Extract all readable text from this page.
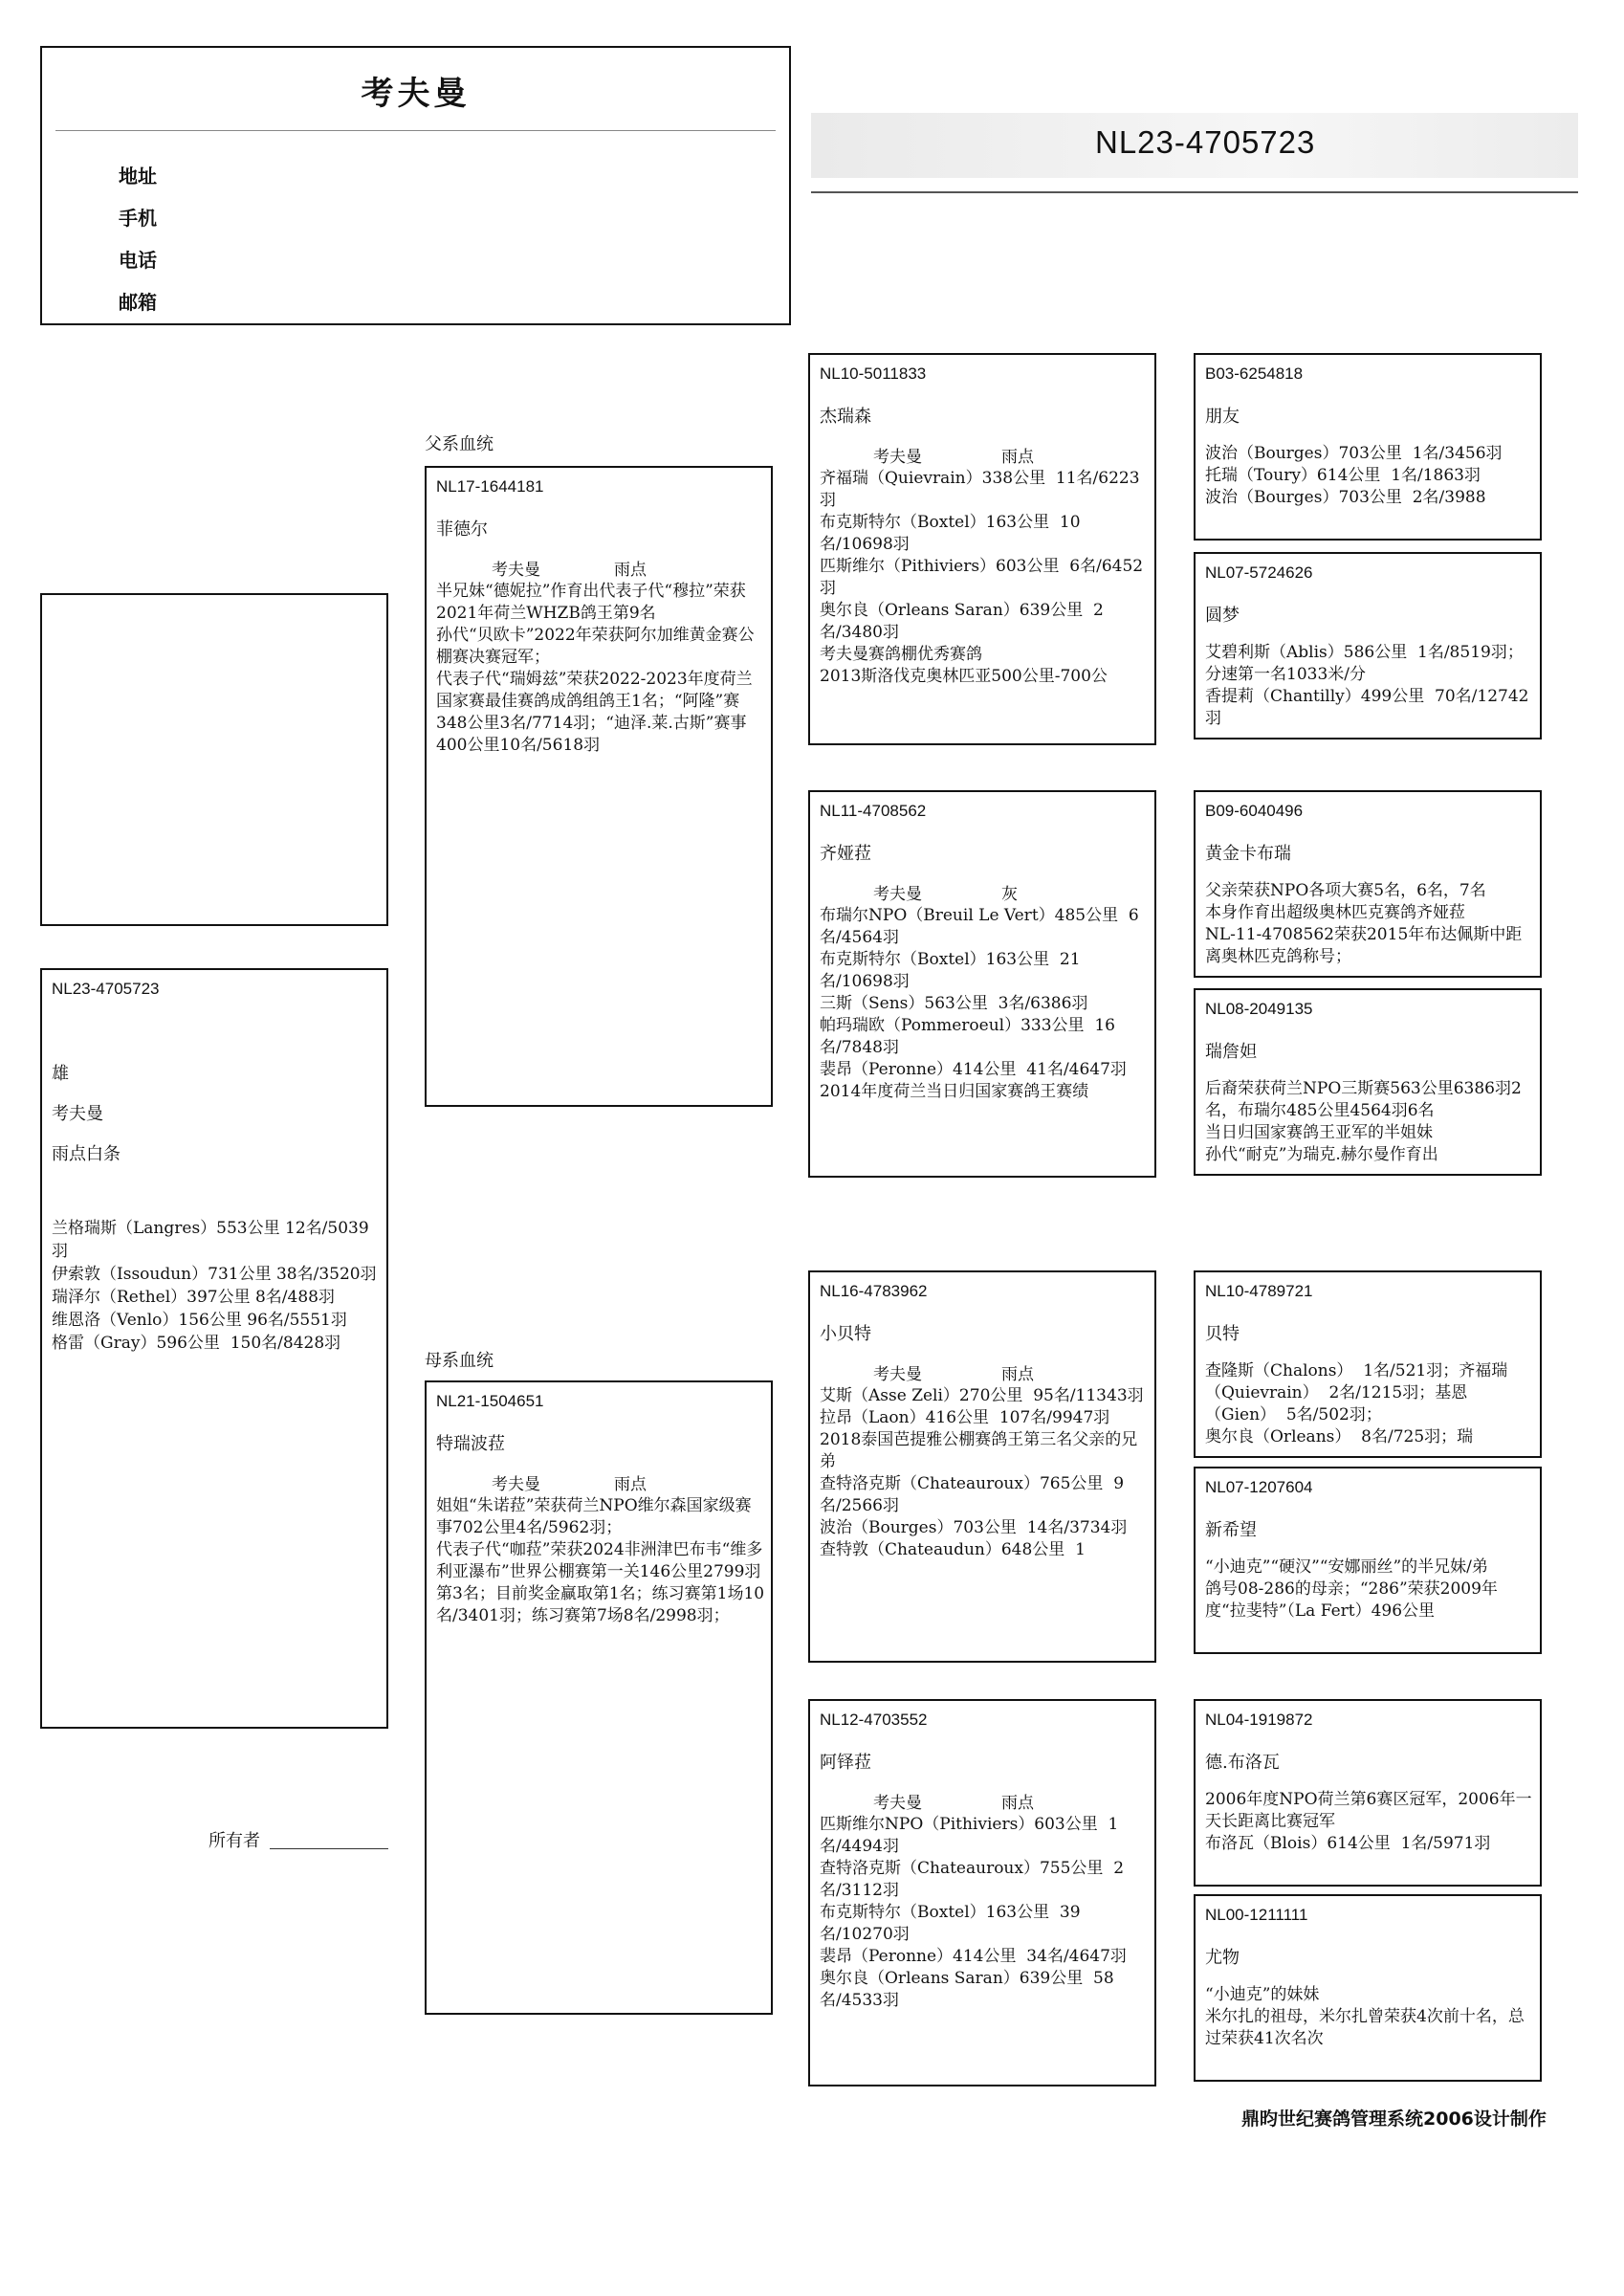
考夫曼
地址
手机
电话
邮箱
NL23-4705723
NL23-4705723
雄
考夫曼
雨点白条
兰格瑞斯（Langres）553公里 12名/5039羽
伊索敦（Issoudun）731公里 38名/3520羽
瑞泽尔（Rethel）397公里 8名/488羽
维恩洛（Venlo）156公里 96名/5551羽
格雷（Gray）596公里  150名/8428羽
父系血统
母系血统
所有者
NL17-1644181
菲德尔
考夫曼	雨点
半兄妹“德妮拉”作育出代表子代“穆拉”荣获2021年荷兰WHZB鸽王第9名
孙代“贝欧卡”2022年荣获阿尔加维黄金赛公棚赛决赛冠军；
代表子代“瑞姆兹”荣获2022-2023年度荷兰国家赛最佳赛鸽成鸽组鸽王1名；“阿隆”赛348公里3名/7714羽；“迪泽.莱.古斯”赛事400公里10名/5618羽
NL21-1504651
特瑞波菈
考夫曼	雨点
姐姐“朱诺菈”荣获荷兰NPO维尔森国家级赛事702公里4名/5962羽；
代表子代“咖菈”荣获2024非洲津巴布韦“维多利亚瀑布”世界公棚赛第一关146公里2799羽第3名；目前奖金赢取第1名；练习赛第1场10名/3401羽；练习赛第7场8名/2998羽；
NL10-5011833
杰瑞森
考夫曼	雨点
齐福瑞（Quievrain）338公里  11名/6223羽
布克斯特尔（Boxtel）163公里  10名/10698羽
匹斯维尔（Pithiviers）603公里  6名/6452羽
奥尔良（Orleans Saran）639公里  2名/3480羽
考夫曼赛鸽棚优秀赛鸽
2013斯洛伐克奥林匹亚500公里-700公
NL11-4708562
齐娅菈
考夫曼	灰
布瑞尔NPO（Breuil Le Vert）485公里  6名/4564羽
布克斯特尔（Boxtel）163公里  21名/10698羽
三斯（Sens）563公里  3名/6386羽
帕玛瑞欧（Pommeroeul）333公里  16名/7848羽
裴昂（Peronne）414公里  41名/4647羽
2014年度荷兰当日归国家赛鸽王赛绩
NL16-4783962
小贝特
考夫曼	雨点
艾斯（Asse Zeli）270公里  95名/11343羽
拉昂（Laon）416公里  107名/9947羽
2018泰国芭提雅公棚赛鸽王第三名父亲的兄弟
查特洛克斯（Chateauroux）765公里  9名/2566羽
波治（Bourges）703公里  14名/3734羽
查特敦（Chateaudun）648公里  1
NL12-4703552
阿铎菈
考夫曼	雨点
匹斯维尔NPO（Pithiviers）603公里  1名/4494羽
查特洛克斯（Chateauroux）755公里  2名/3112羽
布克斯特尔（Boxtel）163公里  39名/10270羽
裴昂（Peronne）414公里  34名/4647羽
奥尔良（Orleans Saran）639公里  58名/4533羽
B03-6254818
朋友
波治（Bourges）703公里  1名/3456羽
托瑞（Toury）614公里  1名/1863羽
波治（Bourges）703公里  2名/3988
NL07-5724626
圆梦
艾碧利斯（Ablis）586公里  1名/8519羽；分速第一名1033米/分
香提莉（Chantilly）499公里  70名/12742羽
B09-6040496
黄金卡布瑞
父亲荣获NPO各项大赛5名，6名，7名
本身作育出超级奥林匹克赛鸽齐娅菈
NL-11-4708562荣获2015年布达佩斯中距离奥林匹克鸽称号；
NL08-2049135
瑞詹妲
后裔荣获荷兰NPO三斯赛563公里6386羽2名，布瑞尔485公里4564羽6名
当日归国家赛鸽王亚军的半姐妹
孙代“耐克”为瑞克.赫尔曼作育出
NL10-4789721
贝特
查隆斯（Chalons）  1名/521羽；齐福瑞（Quievrain）  2名/1215羽；基恩（Gien）  5名/502羽；
奥尔良（Orleans）  8名/725羽；瑞
NL07-1207604
新希望
“小迪克”“硬汉”“安娜丽丝”的半兄妹/弟
鸽号08-286的母亲；“286”荣获2009年度“拉斐特”（La Fert）496公里
NL04-1919872
德.布洛瓦
2006年度NPO荷兰第6赛区冠军，2006年一天长距离比赛冠军
布洛瓦（Blois）614公里  1名/5971羽
NL00-1211111
尤物
“小迪克”的妹妹
米尔扎的祖母，米尔扎曾荣获4次前十名，总过荣获41次名次
鼎昀世纪赛鸽管理系统2006设计制作
